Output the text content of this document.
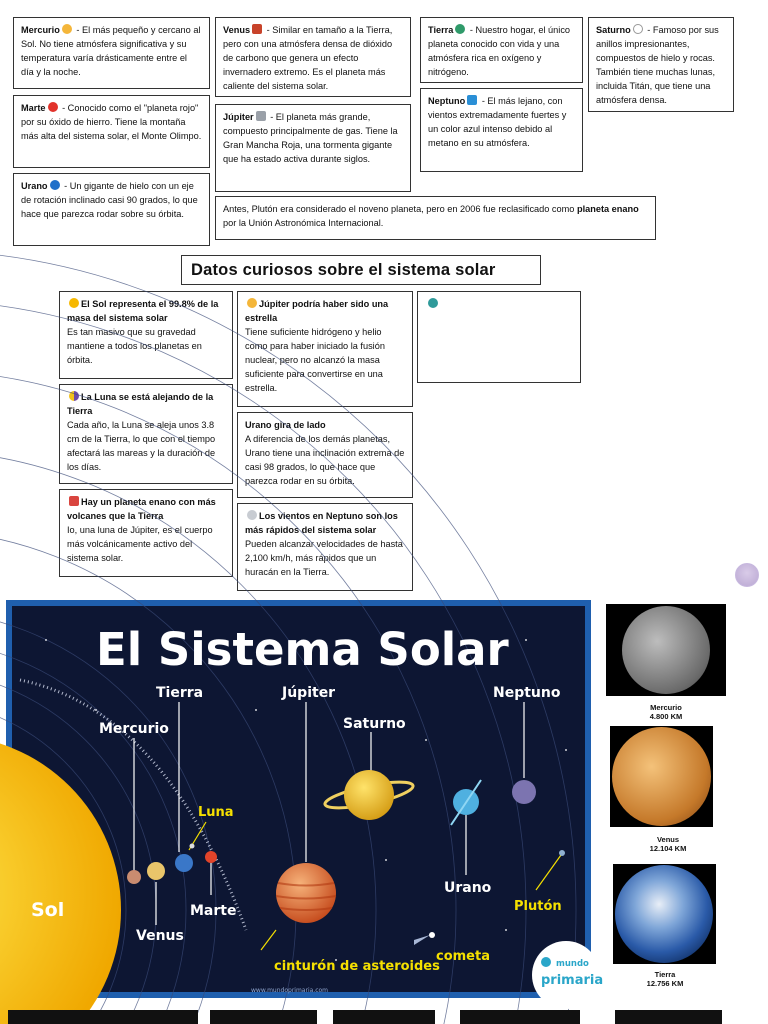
Mercurio - El más pequeño y cercano al Sol. No tiene atmósfera significativa y su temperatura varía drásticamente entre el día y la noche.
Venus - Similar en tamaño a la Tierra, pero con una atmósfera densa de dióxido de carbono que genera un efecto invernadero extremo. Es el planeta más caliente del sistema solar.
Tierra - Nuestro hogar, el único planeta conocido con vida y una atmósfera rica en oxígeno y nitrógeno.
Saturno - Famoso por sus anillos impresionantes, compuestos de hielo y rocas. También tiene muchas lunas, incluida Titán, que tiene una atmósfera densa.
Marte - Conocido como el "planeta rojo" por su óxido de hierro. Tiene la montaña más alta del sistema solar, el Monte Olimpo.
Júpiter - El planeta más grande, compuesto principalmente de gas. Tiene la Gran Mancha Roja, una tormenta gigante que ha estado activa durante siglos.
Neptuno - El más lejano, con vientos extremadamente fuertes y un color azul intenso debido al metano en su atmósfera.
Urano - Un gigante de hielo con un eje de rotación inclinado casi 90 grados, lo que hace que parezca rodar sobre su órbita.	Antes, Plutón era considerado el noveno planeta, pero en 2006 fue reclasificado como planeta enano por la Unión Astronómica Internacional.
Datos curiosos sobre el sistema solar
El Sol representa el 99.8% de la masa del sistema solar
Es tan masivo que su gravedad mantiene a todos los planetas en órbita.
Júpiter podría haber sido una estrella
Tiene suficiente hidrógeno y helio como para haber iniciado la fusión nuclear, pero no alcanzó la masa suficiente para convertirse en una estrella.
La Luna se está alejando de la Tierra
Cada año, la Luna se aleja unos 3.8 cm de la Tierra, lo que con el tiempo afectará las mareas y la duración de los días.
Urano gira de lado
A diferencia de los demás planetas, Urano tiene una inclinación extrema de casi 98 grados, lo que hace que parezca rodar en su órbita.
Hay un planeta enano con más volcanes que la Tierra
Io, una luna de Júpiter, es el cuerpo más volcánicamente activo del sistema solar.
Los vientos en Neptuno son los más rápidos del sistema solar
Pueden alcanzar velocidades de hasta 2,100 km/h, más rápidos que un huracán en la Tierra.
El Sistema Solar
Tierra	Júpiter	Neptuno
Mercurio	Saturno
Marte
Venus
Urano
Sol
Luna
Plutón
cinturón de asteroides
cometa
www.mundoprimaria.com
mundo
primaria
Mercurio
4.800 KM
Venus
12.104 KM
Tierra
12.756 KM
